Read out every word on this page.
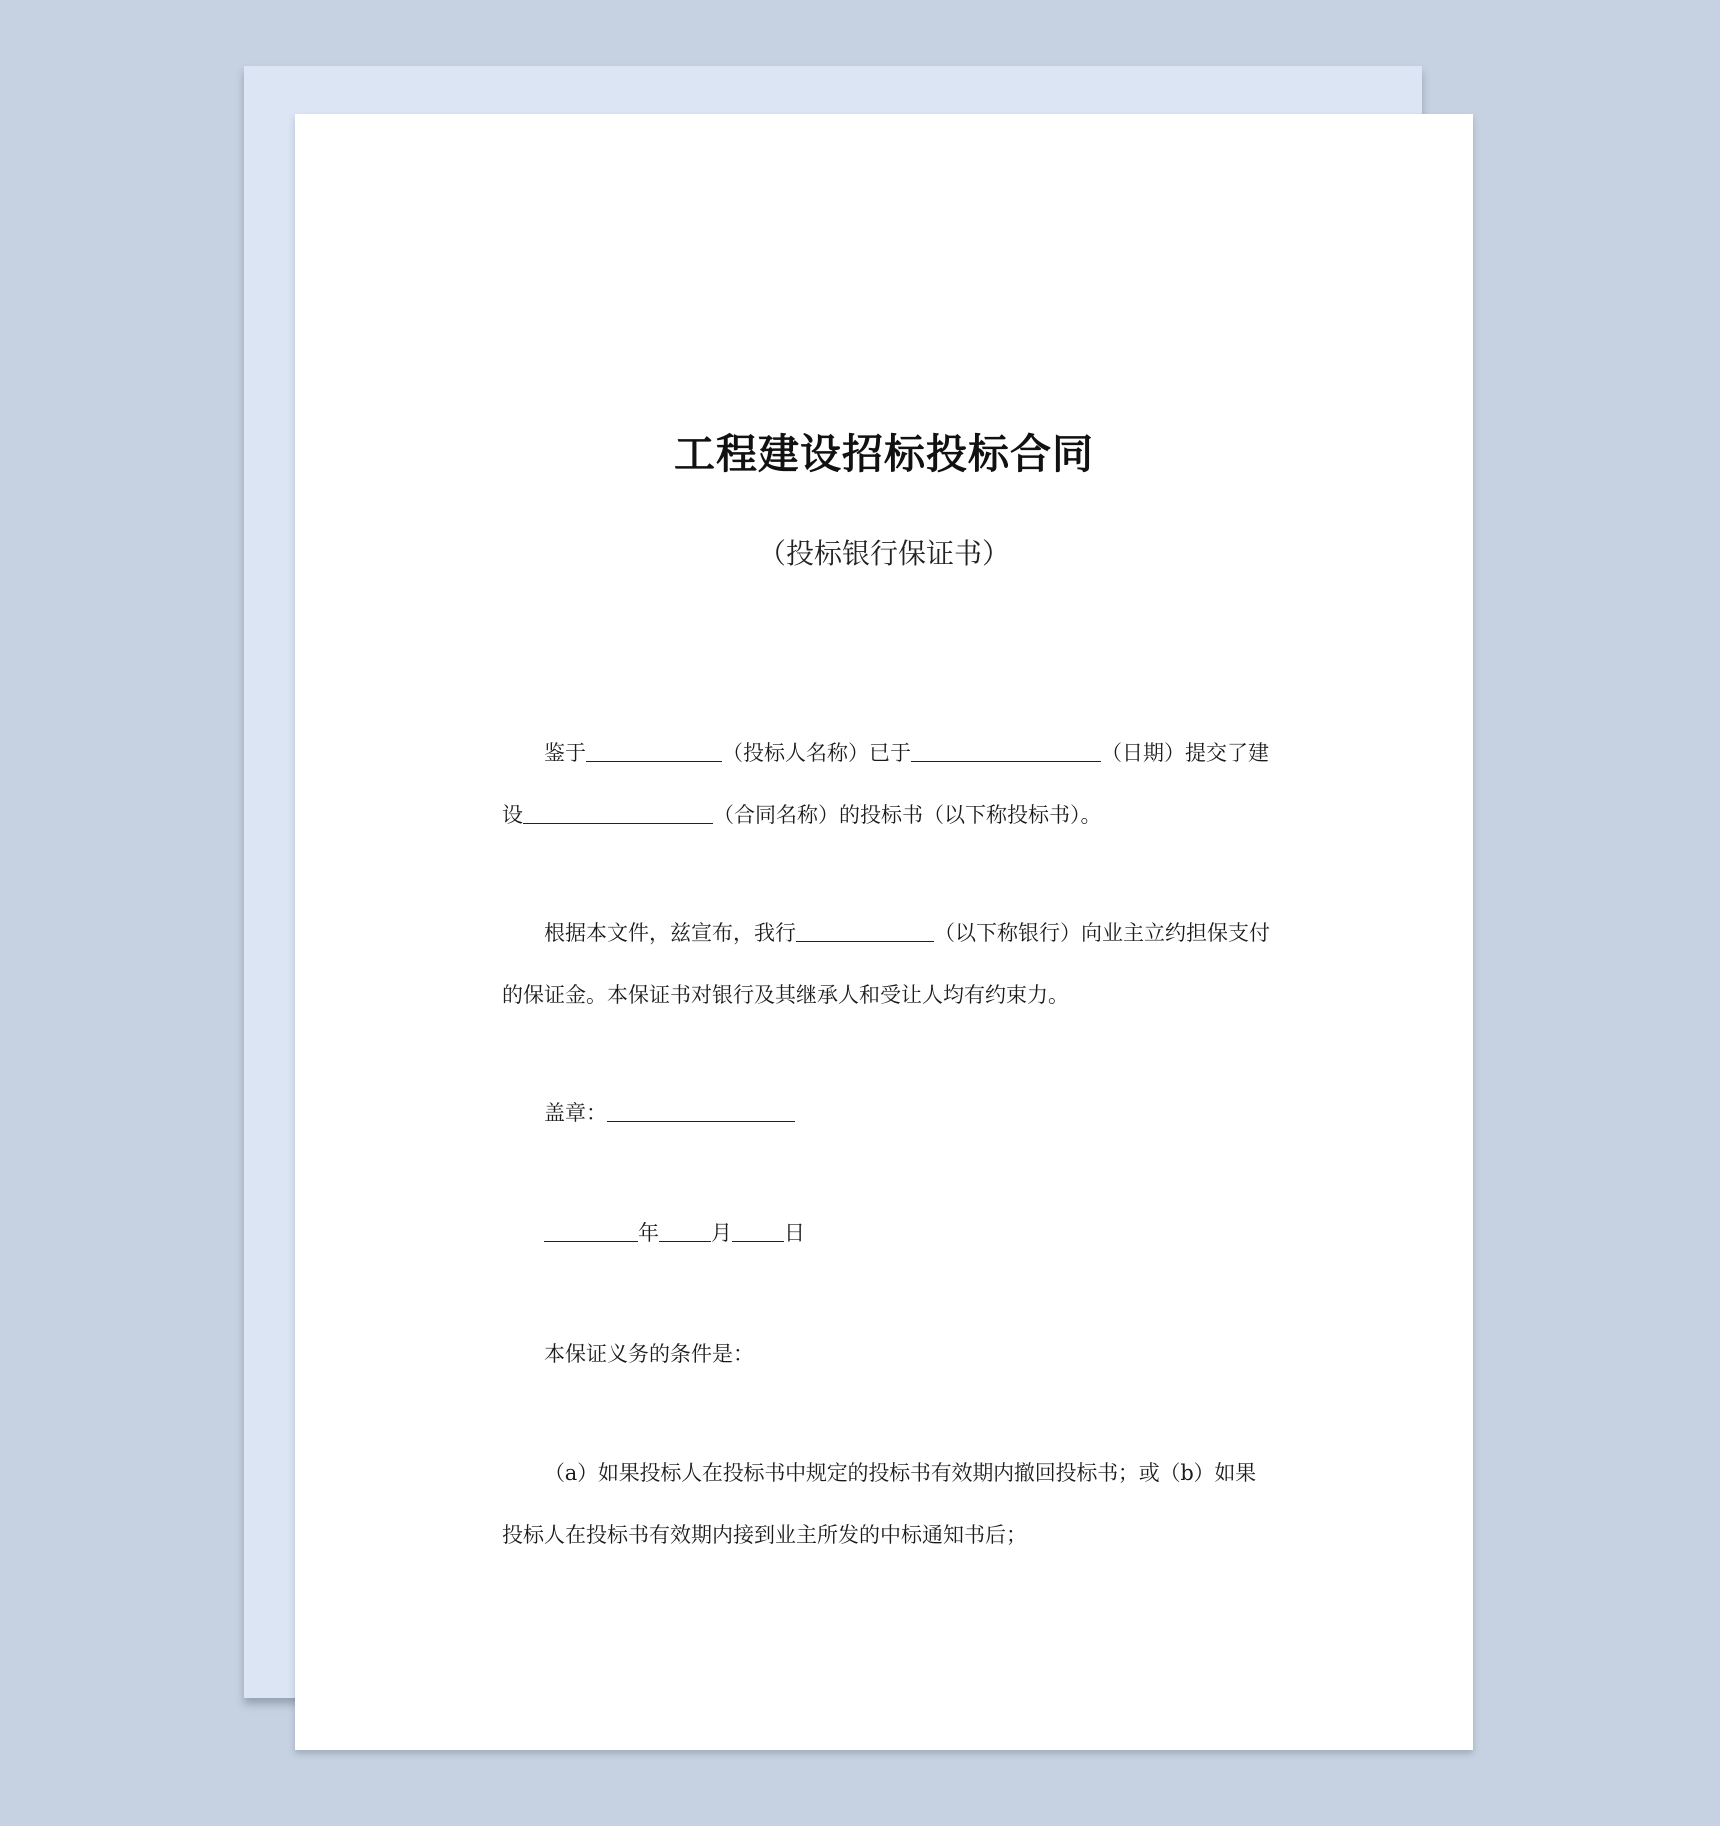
工程建设招标投标合同
（投标银行保证书）
鉴于	（投标人名称）已于	（日期）提交了建
设	（合同名称）的投标书（以下称投标书）。
根据本文件，兹宣布，我行	（以下称银行）向业主立约担保支付
的保证金。本保证书对银行及其继承人和受让人均有约束力。
盖章：
年 月 日
本保证义务的条件是：
（a）如果投标人在投标书中规定的投标书有效期内撤回投标书；或（b）如果
投标人在投标书有效期内接到业主所发的中标通知书后；
